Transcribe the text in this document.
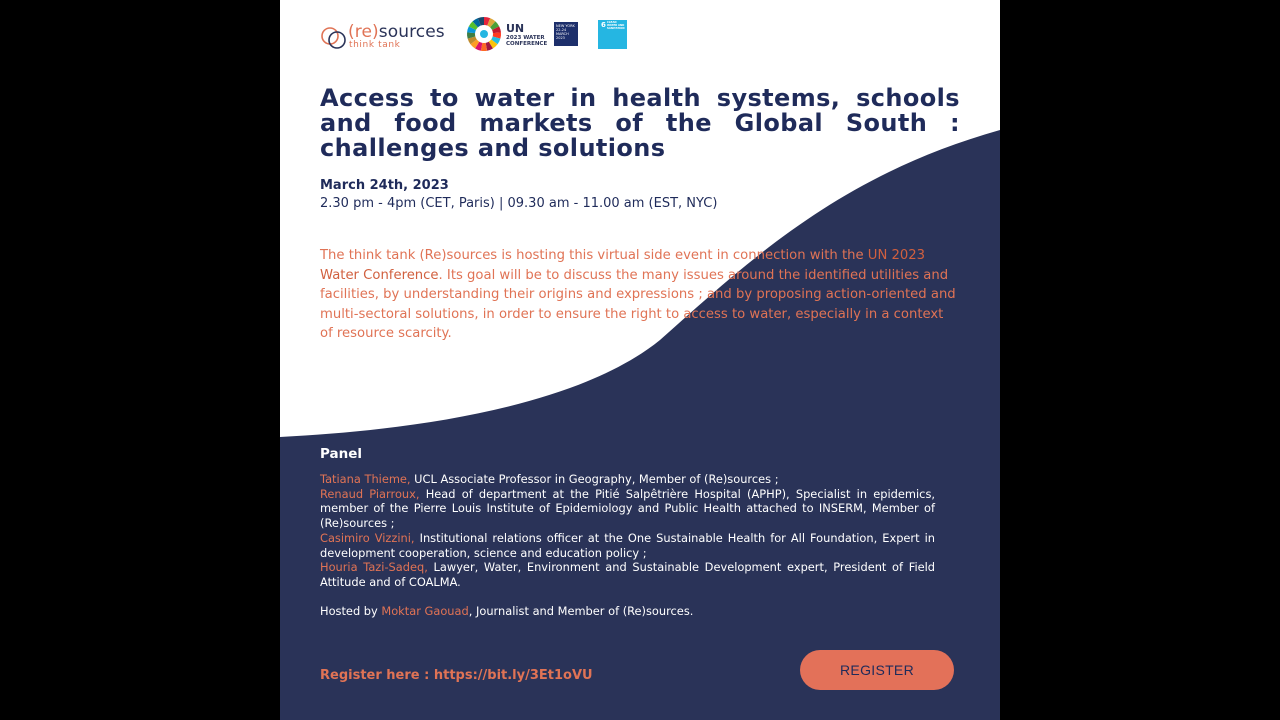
(re)sources
think tank
UN
2023 WATER CONFERENCE
NEW YORK 22-24 MARCH 2023
6 CLEAN WATER AND SANITATION
Access to water in health systems, schools and food markets of the Global South : challenges and solutions
March 24th, 2023
2.30 pm - 4pm (CET, Paris) | 09.30 am - 11.00 am (EST, NYC)

The think tank (Re)sources is hosting this virtual side event in connection with the UN 2023 Water Conference. Its goal will be to discuss the many issues around the identified utilities and facilities, by understanding their origins and expressions ; and by proposing action-oriented and multi-sectoral solutions, in order to ensure the right to access to water, especially in a context of resource scarcity.

Panel
Tatiana Thieme, UCL Associate Professor in Geography, Member of (Re)sources ;
Renaud Piarroux, Head of department at the Pitié Salpêtrière Hospital (APHP), Specialist in epidemics, member of the Pierre Louis Institute of Epidemiology and Public Health attached to INSERM, Member of (Re)sources ;
Casimiro Vizzini, Institutional relations officer at the One Sustainable Health for All Foundation, Expert in development cooperation, science and education policy ;
Houria Tazi-Sadeq, Lawyer, Water, Environment and Sustainable Development expert, President of Field Attitude and of COALMA.
Hosted by Moktar Gaouad, Journalist and Member of (Re)sources.
Register here : https://bit.ly/3Et1oVU	REGISTER
